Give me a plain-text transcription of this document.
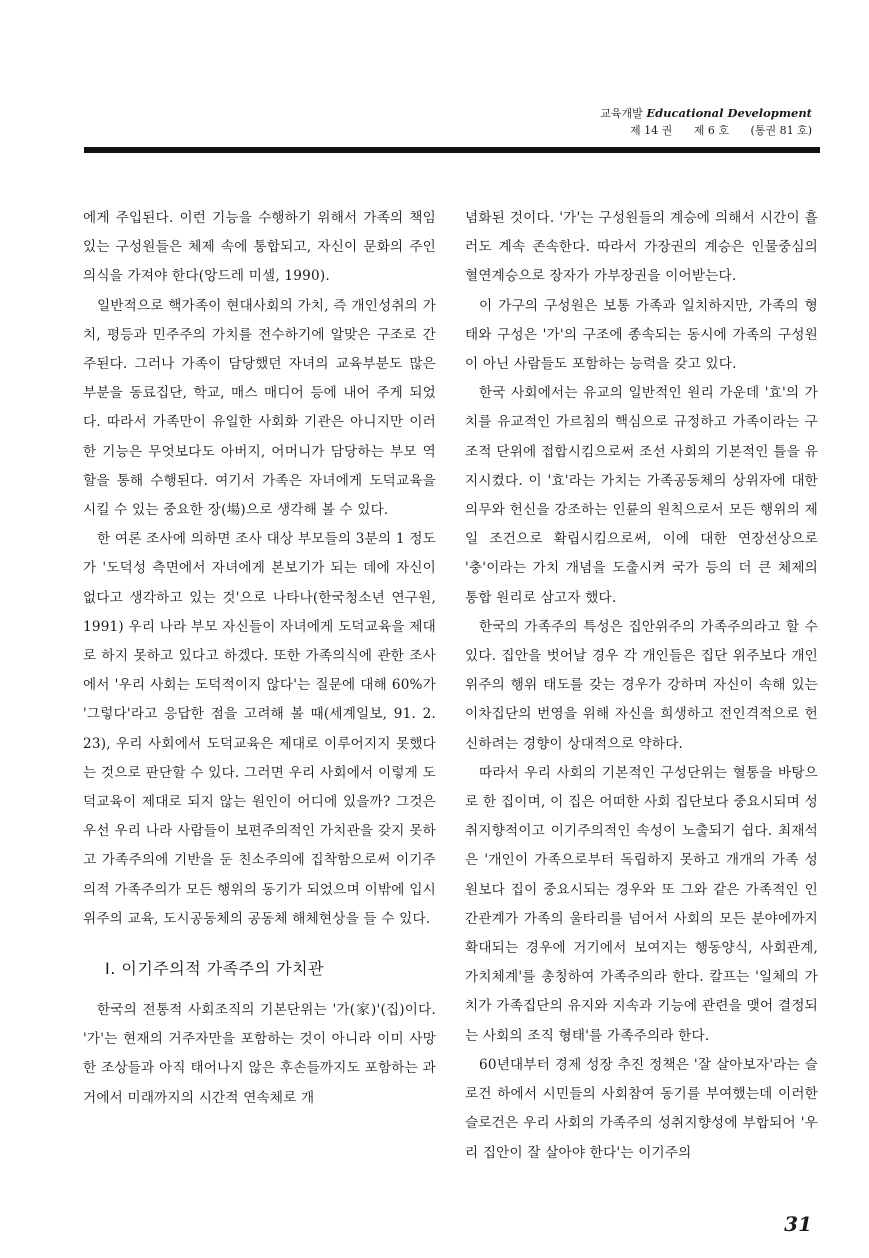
교육개발 Educational Development
제 14 권 제 6 호 (통권 81 호)

에게 주입된다. 이런 기능을 수행하기 위해서 가족의 책임있는 구성원들은 체제 속에 통합되고, 자신이 문화의 주인 의식을 가져야 한다(앙드레 미셀, 1990).

일반적으로 핵가족이 현대사회의 가치, 즉 개인성취의 가치, 평등과 민주주의 가치를 전수하기에 알맞은 구조로 간주된다. 그러나 가족이 담당했던 자녀의 교육부분도 많은 부분을 동료집단, 학교, 매스 매디어 등에 내어 주게 되었다. 따라서 가족만이 유일한 사회화 기관은 아니지만 이러한 기능은 무엇보다도 아버지, 어머니가 담당하는 부모 역할을 통해 수행된다. 여기서 가족은 자녀에게 도덕교육을 시킬 수 있는 중요한 장(場)으로 생각해 볼 수 있다.

한 여론 조사에 의하면 조사 대상 부모들의 3분의 1 정도가 '도덕성 측면에서 자녀에게 본보기가 되는 데에 자신이 없다고 생각하고 있는 것'으로 나타나(한국청소년 연구원, 1991) 우리 나라 부모 자신들이 자녀에게 도덕교육을 제대로 하지 못하고 있다고 하겠다. 또한 가족의식에 관한 조사에서 '우리 사회는 도덕적이지 않다'는 질문에 대해 60%가 '그렇다'라고 응답한 점을 고려해 볼 때(세계일보, 91. 2. 23), 우리 사회에서 도덕교육은 제대로 이루어지지 못했다는 것으로 판단할 수 있다. 그러면 우리 사회에서 이렇게 도덕교육이 제대로 되지 않는 원인이 어디에 있을까? 그것은 우선 우리 나라 사람들이 보편주의적인 가치관을 갖지 못하고 가족주의에 기반을 둔 친소주의에 집착함으로써 이기주의적 가족주의가 모든 행위의 동기가 되었으며 이밖에 입시위주의 교육, 도시공동체의 공동체 해체현상을 들 수 있다.

Ⅰ. 이기주의적 가족주의 가치관

한국의 전통적 사회조직의 기본단위는 '가(家)'(집)이다. '가'는 현재의 거주자만을 포함하는 것이 아니라 이미 사망한 조상들과 아직 태어나지 않은 후손들까지도 포함하는 과거에서 미래까지의 시간적 연속체로 개

념화된 것이다. '가'는 구성원들의 계승에 의해서 시간이 흘러도 계속 존속한다. 따라서 가장권의 계승은 인물중심의 혈연계승으로 장자가 가부장권을 이어받는다.

이 가구의 구성원은 보통 가족과 일치하지만, 가족의 형태와 구성은 '가'의 구조에 종속되는 동시에 가족의 구성원이 아닌 사람들도 포함하는 능력을 갖고 있다.

한국 사회에서는 유교의 일반적인 원리 가운데 '효'의 가치를 유교적인 가르침의 핵심으로 규정하고 가족이라는 구조적 단위에 접합시킴으로써 조선 사회의 기본적인 틀을 유지시켰다. 이 '효'라는 가치는 가족공동체의 상위자에 대한 의무와 헌신을 강조하는 인륜의 원칙으로서 모든 행위의 제일 조건으로 확립시킴으로써, 이에 대한 연장선상으로 '충'이라는 가치 개념을 도출시켜 국가 등의 더 큰 체제의 통합 원리로 삼고자 했다.

한국의 가족주의 특성은 집안위주의 가족주의라고 할 수 있다. 집안을 벗어날 경우 각 개인들은 집단 위주보다 개인 위주의 행위 태도를 갖는 경우가 강하며 자신이 속해 있는 이차집단의 번영을 위해 자신을 희생하고 전인격적으로 헌신하려는 경향이 상대적으로 약하다.

따라서 우리 사회의 기본적인 구성단위는 혈통을 바탕으로 한 집이며, 이 집은 어떠한 사회 집단보다 중요시되며 성취지향적이고 이기주의적인 속성이 노출되기 쉽다. 최재석은 '개인이 가족으로부터 독립하지 못하고 개개의 가족 성원보다 집이 중요시되는 경우와 또 그와 같은 가족적인 인간관계가 가족의 울타리를 넘어서 사회의 모든 분야에까지 확대되는 경우에 거기에서 보여지는 행동양식, 사회관계, 가치체계'를 총칭하여 가족주의라 한다. 칼프는 '일체의 가치가 가족집단의 유지와 지속과 기능에 관련을 맺어 결정되는 사회의 조직 형태'를 가족주의라 한다.

60년대부터 경제 성장 추진 정책은 '잘 살아보자'라는 슬로건 하에서 시민들의 사회참여 동기를 부여했는데 이러한 슬로건은 우리 사회의 가족주의 성취지향성에 부합되어 '우리 집안이 잘 살아야 한다'는 이기주의

31
